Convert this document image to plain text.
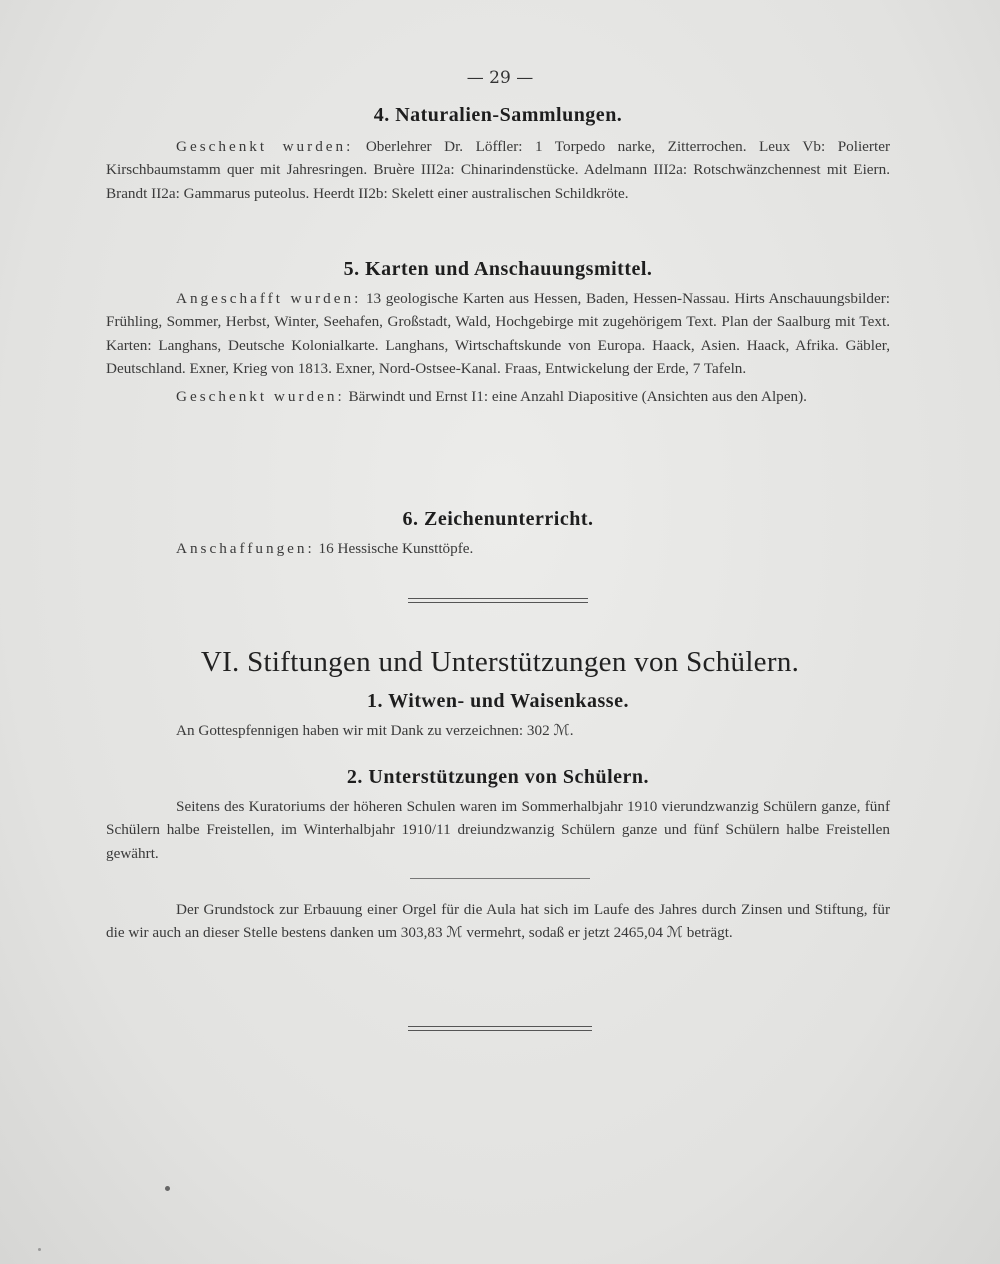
— 29 —
4. Naturalien-Sammlungen.

Geschenkt wurden: Oberlehrer Dr. Löffler: 1 Torpedo narke, Zitterrochen. Leux Vb: Polierter Kirschbaumstamm quer mit Jahresringen. Bruère III2a: Chinarindenstücke. Adelmann III2a: Rotschwänzchennest mit Eiern. Brandt II2a: Gammarus puteolus. Heerdt II2b: Skelett einer australischen Schildkröte.

5. Karten und Anschauungsmittel.

Angeschafft wurden: 13 geologische Karten aus Hessen, Baden, Hessen-Nassau. Hirts Anschauungsbilder: Frühling, Sommer, Herbst, Winter, Seehafen, Großstadt, Wald, Hochgebirge mit zugehörigem Text. Plan der Saalburg mit Text. Karten: Langhans, Deutsche Kolonialkarte. Langhans, Wirtschaftskunde von Europa. Haack, Asien. Haack, Afrika. Gäbler, Deutschland. Exner, Krieg von 1813. Exner, Nord-Ostsee-Kanal. Fraas, Entwickelung der Erde, 7 Tafeln.

Geschenkt wurden: Bärwindt und Ernst I1: eine Anzahl Diapositive (Ansichten aus den Alpen).

6. Zeichenunterricht.

Anschaffungen: 16 Hessische Kunsttöpfe.

VI. Stiftungen und Unterstützungen von Schülern.
1. Witwen- und Waisenkasse.

An Gottespfennigen haben wir mit Dank zu verzeichnen: 302 ℳ.

2. Unterstützungen von Schülern.

Seitens des Kuratoriums der höheren Schulen waren im Sommerhalbjahr 1910 vierundzwanzig Schülern ganze, fünf Schülern halbe Freistellen, im Winterhalbjahr 1910/11 dreiundzwanzig Schülern ganze und fünf Schülern halbe Freistellen gewährt.

Der Grundstock zur Erbauung einer Orgel für die Aula hat sich im Laufe des Jahres durch Zinsen und Stiftung, für die wir auch an dieser Stelle bestens danken um 303,83 ℳ vermehrt, sodaß er jetzt 2465,04 ℳ beträgt.
